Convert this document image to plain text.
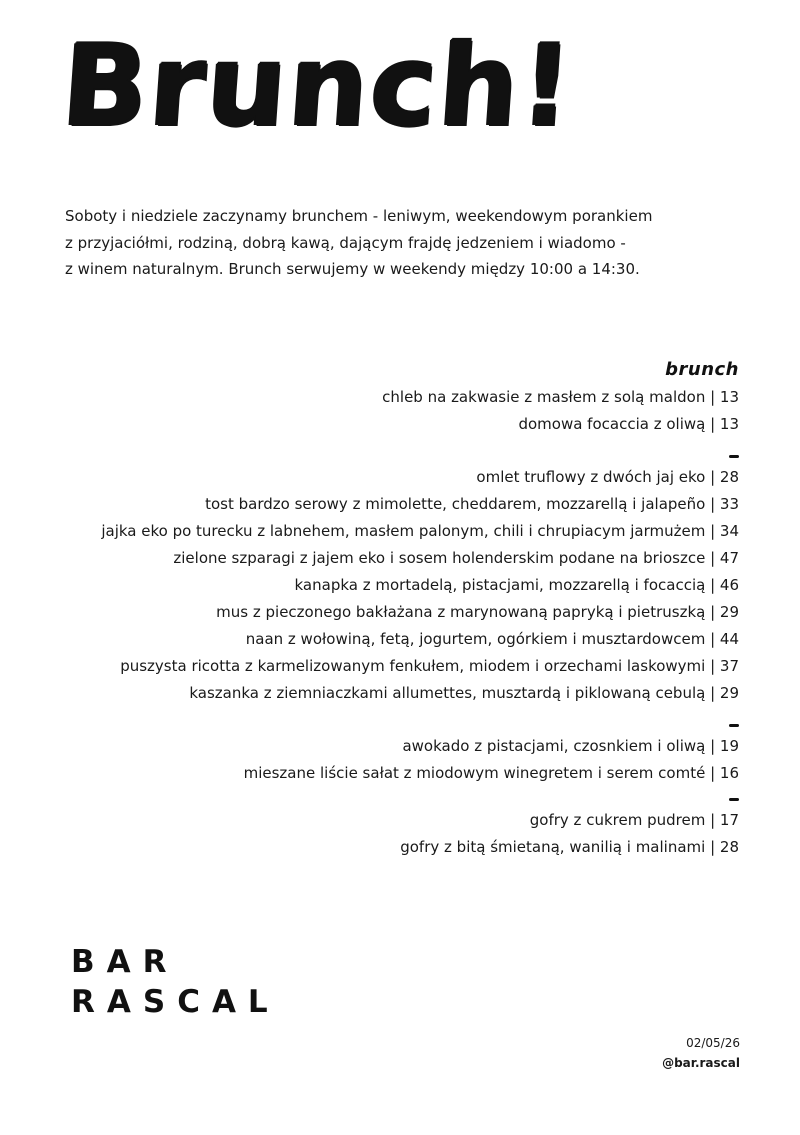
Brunch!

Soboty i niedziele zaczynamy brunchem - leniwym, weekendowym porankiem

z przyjaciółmi, rodziną, dobrą kawą, dającym frajdę jedzeniem i wiadomo -

z winem naturalnym. Brunch serwujemy w weekendy między 10:00 a 14:30.

brunch
chleb na zakwasie z masłem z solą maldon | 13
domowa focaccia z oliwą | 13
omlet truflowy z dwóch jaj eko | 28
tost bardzo serowy z mimolette, cheddarem, mozzarellą i jalapeño | 33
jajka eko po turecku z labnehem, masłem palonym, chili i chrupiacym jarmużem | 34
zielone szparagi z jajem eko i sosem holenderskim podane na brioszce | 47
kanapka z mortadelą, pistacjami, mozzarellą i focaccią | 46
mus z pieczonego bakłażana z marynowaną papryką i pietruszką | 29
naan z wołowiną, fetą, jogurtem, ogórkiem i musztardowcem | 44
puszysta ricotta z karmelizowanym fenkułem, miodem i orzechami laskowymi | 37
kaszanka z ziemniaczkami allumettes, musztardą i piklowaną cebulą | 29
awokado z pistacjami, czosnkiem i oliwą | 19
mieszane liście sałat z miodowym winegretem i serem comté | 16
gofry z cukrem pudrem | 17
gofry z bitą śmietaną, wanilią i malinami | 28
BAR
RASCAL
02/05/26
@bar.rascal
